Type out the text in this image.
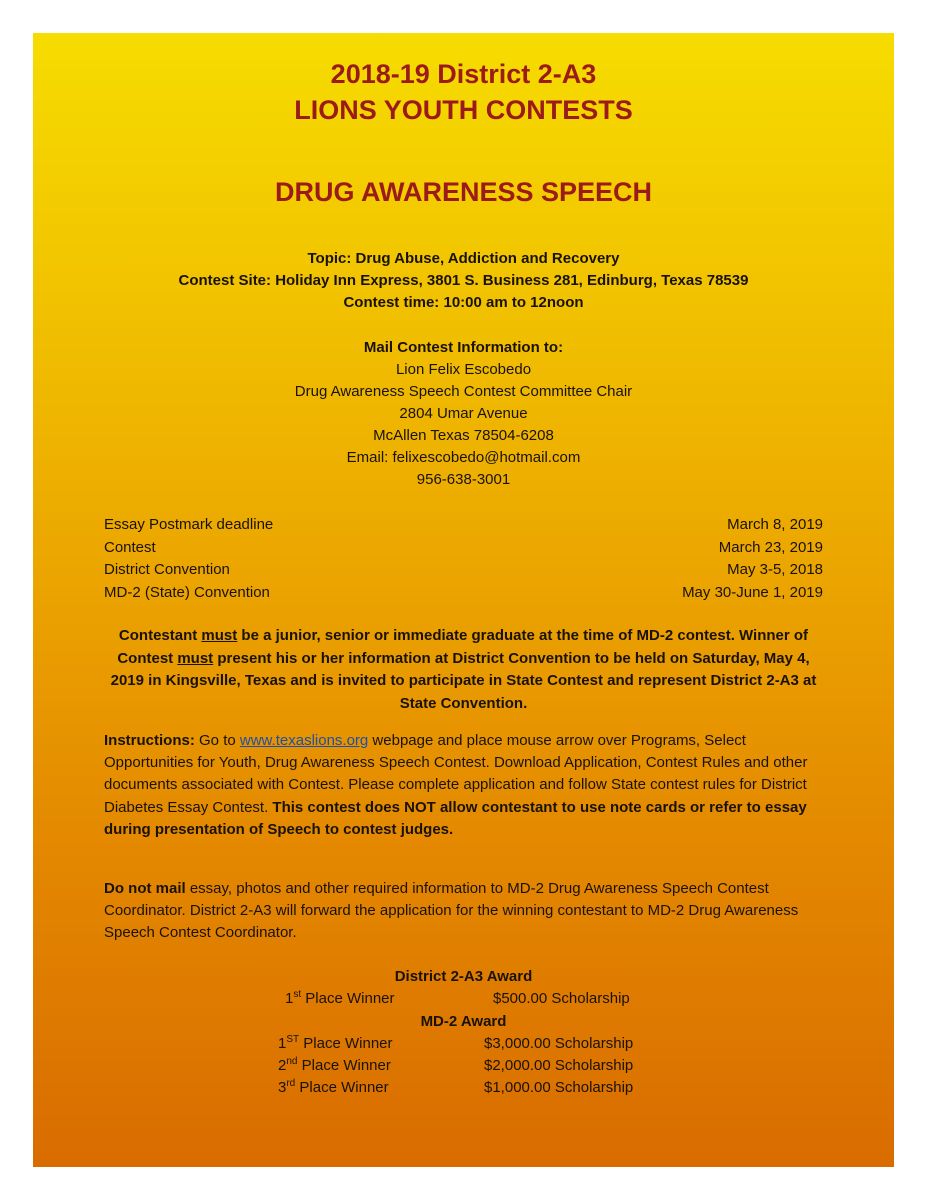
2018-19 District 2-A3
LIONS YOUTH CONTESTS
DRUG AWARENESS SPEECH
Topic: Drug Abuse, Addiction and Recovery
Contest Site: Holiday Inn Express, 3801 S. Business 281, Edinburg, Texas 78539
Contest time: 10:00 am to 12noon
Mail Contest Information to:
Lion Felix Escobedo
Drug Awareness Speech Contest Committee Chair
2804 Umar Avenue
McAllen Texas 78504-6208
Email: felixescobedo@hotmail.com
956-638-3001
Essay Postmark deadline	March 8, 2019
Contest	March 23, 2019
District Convention	May 3-5, 2018
MD-2 (State) Convention	May 30-June 1, 2019
Contestant must be a junior, senior or immediate graduate at the time of MD-2 contest. Winner of Contest must present his or her information at District Convention to be held on Saturday, May 4, 2019 in Kingsville, Texas and is invited to participate in State Contest and represent District 2-A3 at State Convention.
Instructions: Go to www.texaslions.org webpage and place mouse arrow over Programs, Select Opportunities for Youth, Drug Awareness Speech Contest. Download Application, Contest Rules and other documents associated with Contest. Please complete application and follow State contest rules for District Diabetes Essay Contest. This contest does NOT allow contestant to use note cards or refer to essay during presentation of Speech to contest judges.
Do not mail essay, photos and other required information to MD-2 Drug Awareness Speech Contest Coordinator. District 2-A3 will forward the application for the winning contestant to MD-2 Drug Awareness Speech Contest Coordinator.
District 2-A3 Award
1st Place Winner	$500.00 Scholarship
MD-2 Award
1ST Place Winner	$3,000.00 Scholarship
2nd Place Winner	$2,000.00 Scholarship
3rd Place Winner	$1,000.00 Scholarship
